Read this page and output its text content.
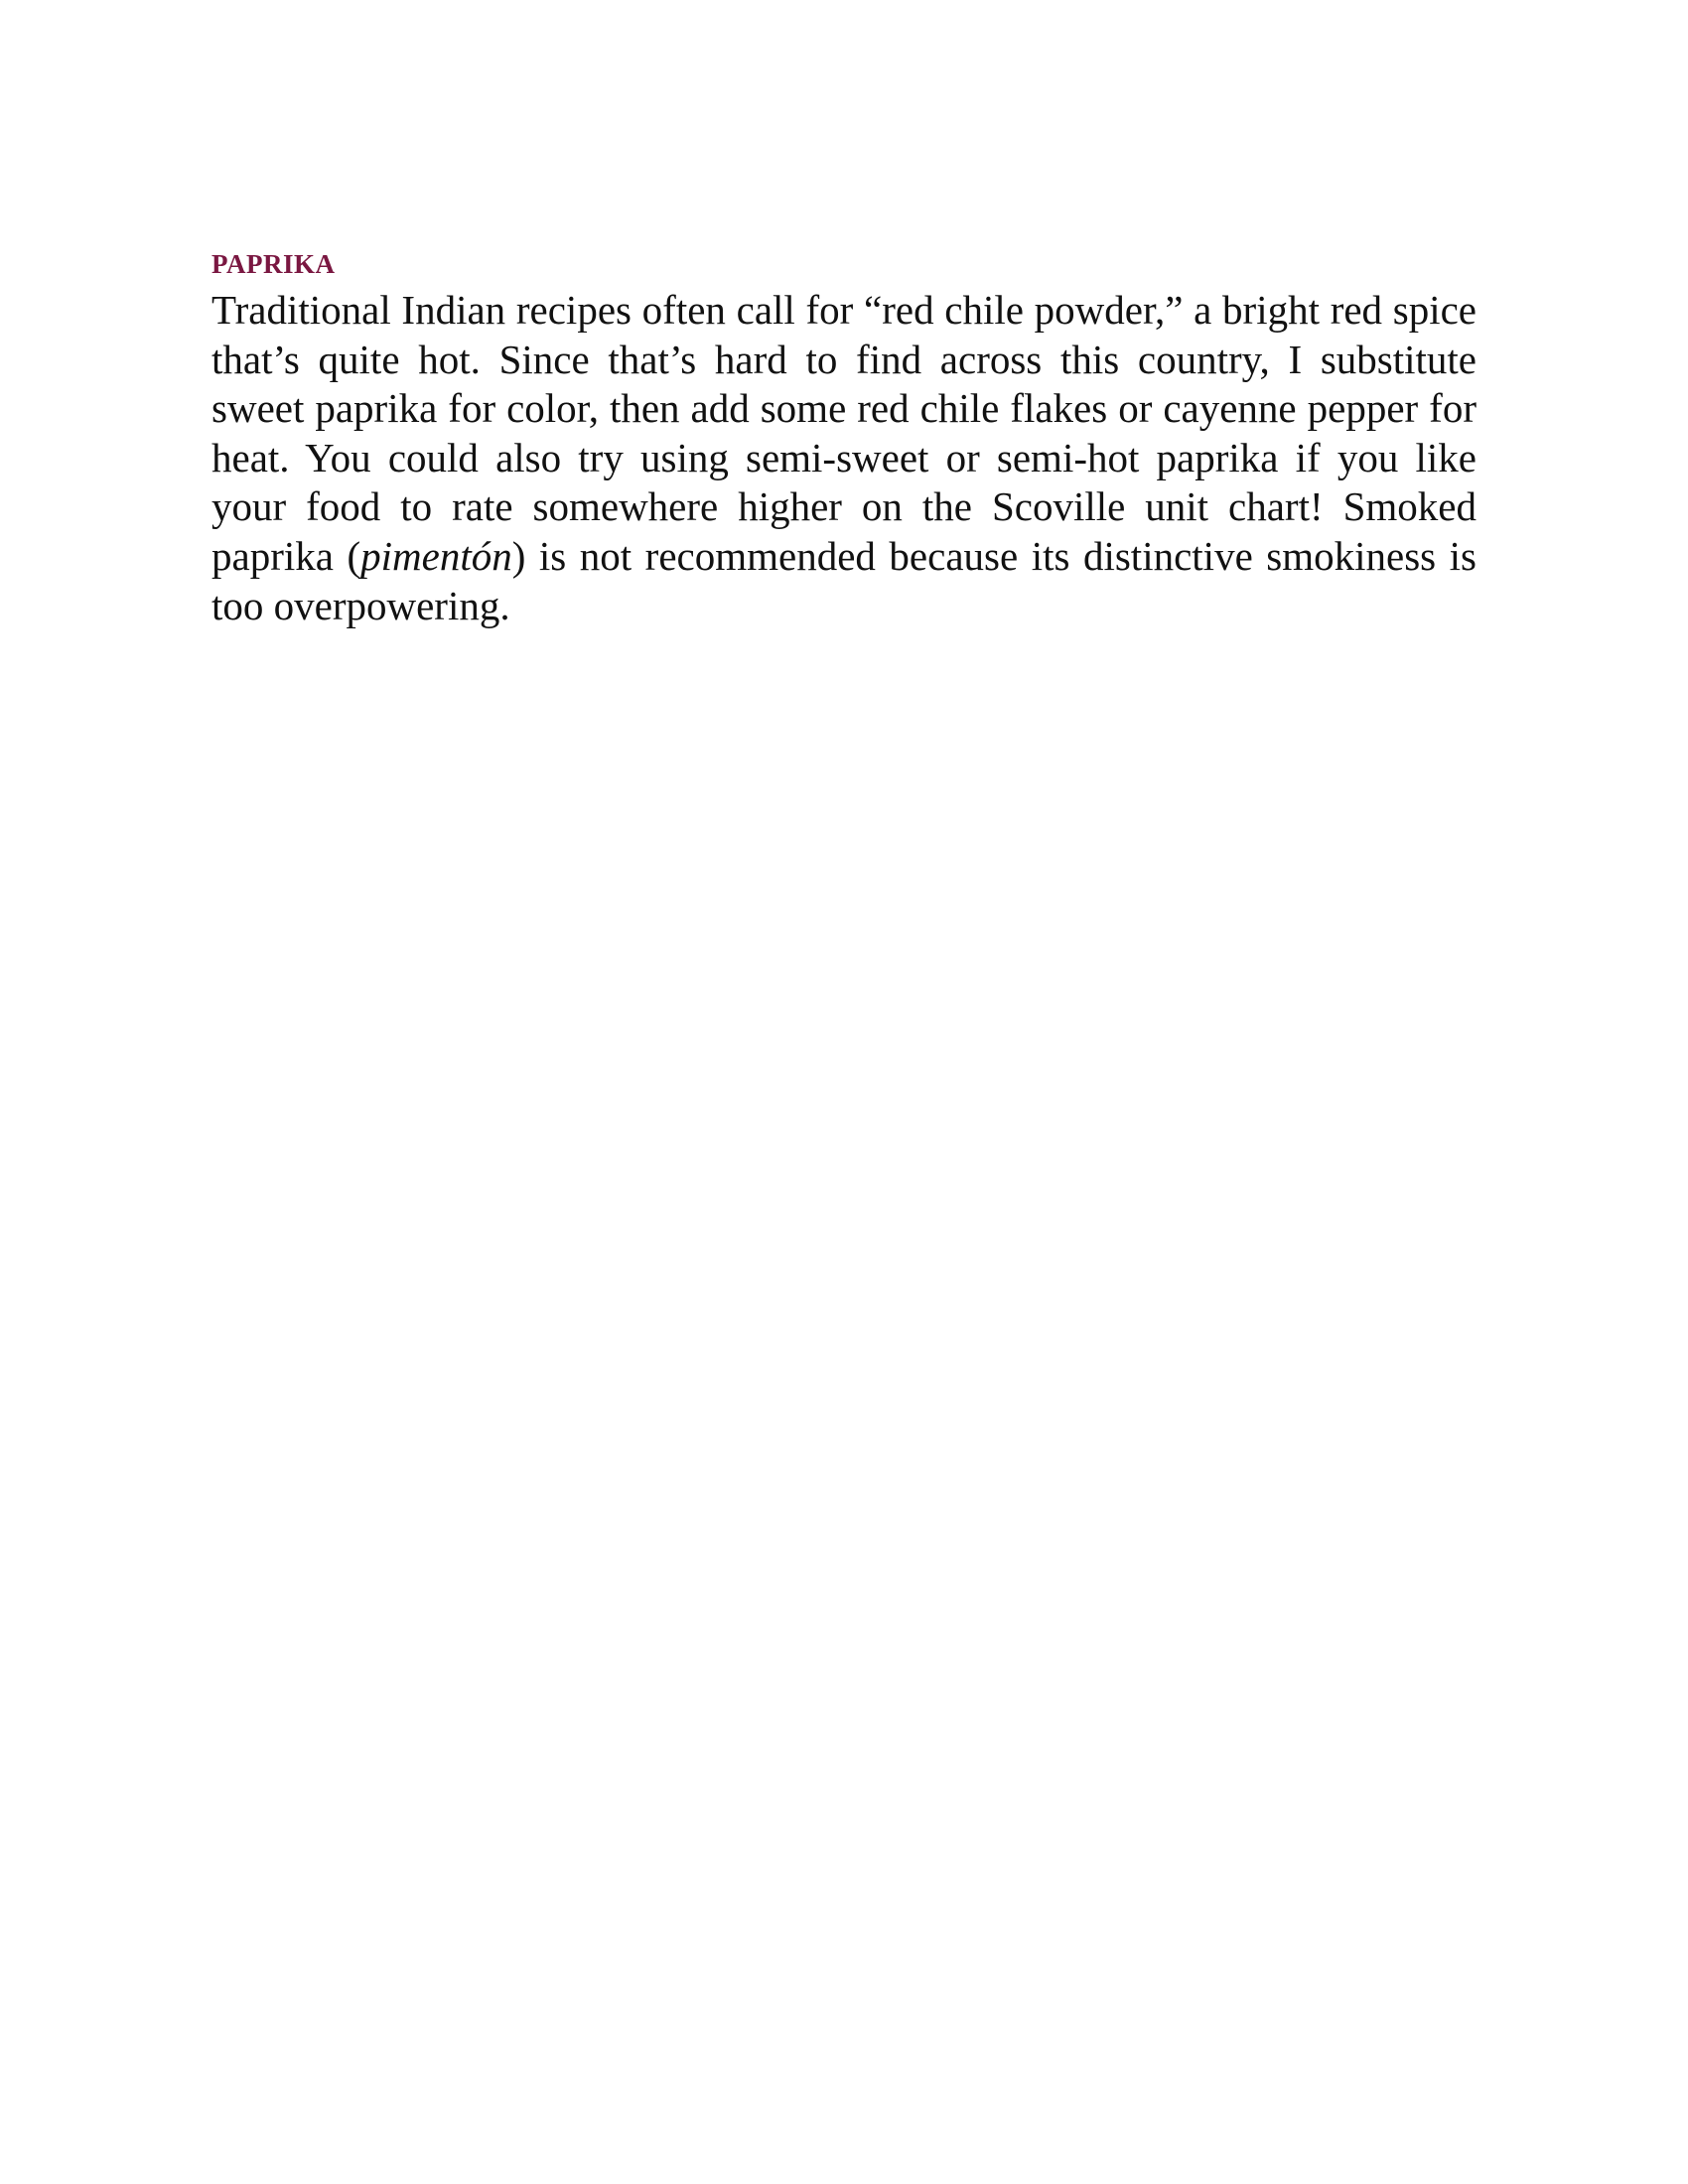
PAPRIKA

Traditional Indian recipes often call for “red chile powder,” a bright red spice that’s quite hot. Since that’s hard to find across this country, I substitute sweet paprika for color, then add some red chile flakes or cayenne pepper for heat. You could also try using semi-sweet or semi-hot paprika if you like your food to rate somewhere higher on the Scoville unit chart! Smoked paprika (pimentón) is not recommended because its distinctive smokiness is too overpowering.
